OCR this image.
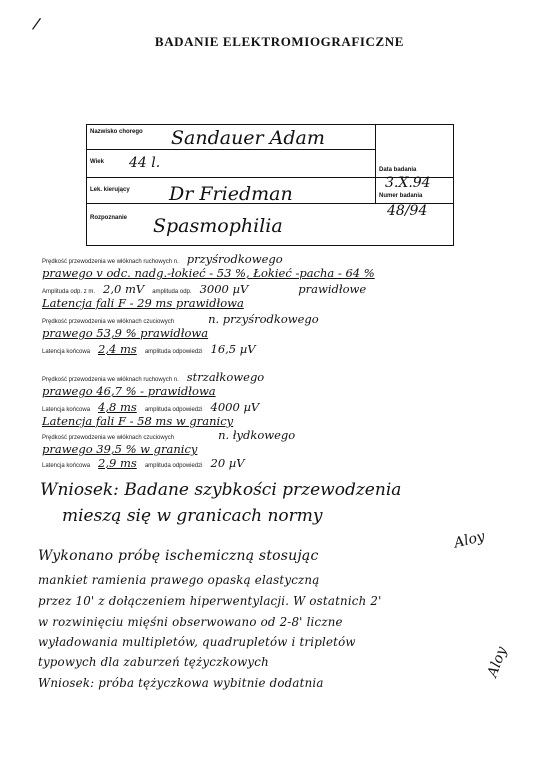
/
BADANIE ELEKTROMIOGRAFICZNE
Nazwisko chorego Sandauer Adam
Wiek 44 l.	Data badania
3.X.94
Lek. kierujący Dr Friedman	Numer badania
48/94
Rozpoznanie Spasmophilia
Prędkość przewodzenia we włóknach ruchowych n. przyśrodkowego
prawego v odc. nadg.-łokieć - 53 %, Łokieć -pacha - 64 %
Amplituda odp. z m. 2,0 mV amplituda odp. 3000 µV	prawidłowe
Latencja fali F - 29 ms prawidłowa
Prędkość przewodzenia we włóknach czuciowych	n. przyśrodkowego
prawego 53,9 % prawidłowa
Latencja końcowa 2,4 ms amplituda odpowiedzi 16,5 µV
Prędkość przewodzenia we włóknach ruchowych n. strzałkowego
prawego 46,7 % - prawidłowa
Latencja końcowa 4,8 ms amplituda odpowiedzi 4000 µV
Latencja fali F - 58 ms w granicy
Prędkość przewodzenia we włóknach czuciowych	n. łydkowego
prawego 39,5 % w granicy
Latencja końcowa 2,9 ms amplituda odpowiedzi 20 µV
Wniosek: Badane szybkości przewodzenia
mieszą się w granicach normy
Aloy
Wykonano próbę ischemiczną stosując
mankiet ramienia prawego opaską elastyczną
przez 10' z dołączeniem hiperwentylacji. W ostatnich 2'
w rozwinięciu mięśni obserwowano od 2-8' liczne
wyładowania multipletów, quadrupletów i tripletów
typowych dla zaburzeń tężyczkowych
Wniosek: próba tężyczkowa wybitnie dodatnia
Aloy
